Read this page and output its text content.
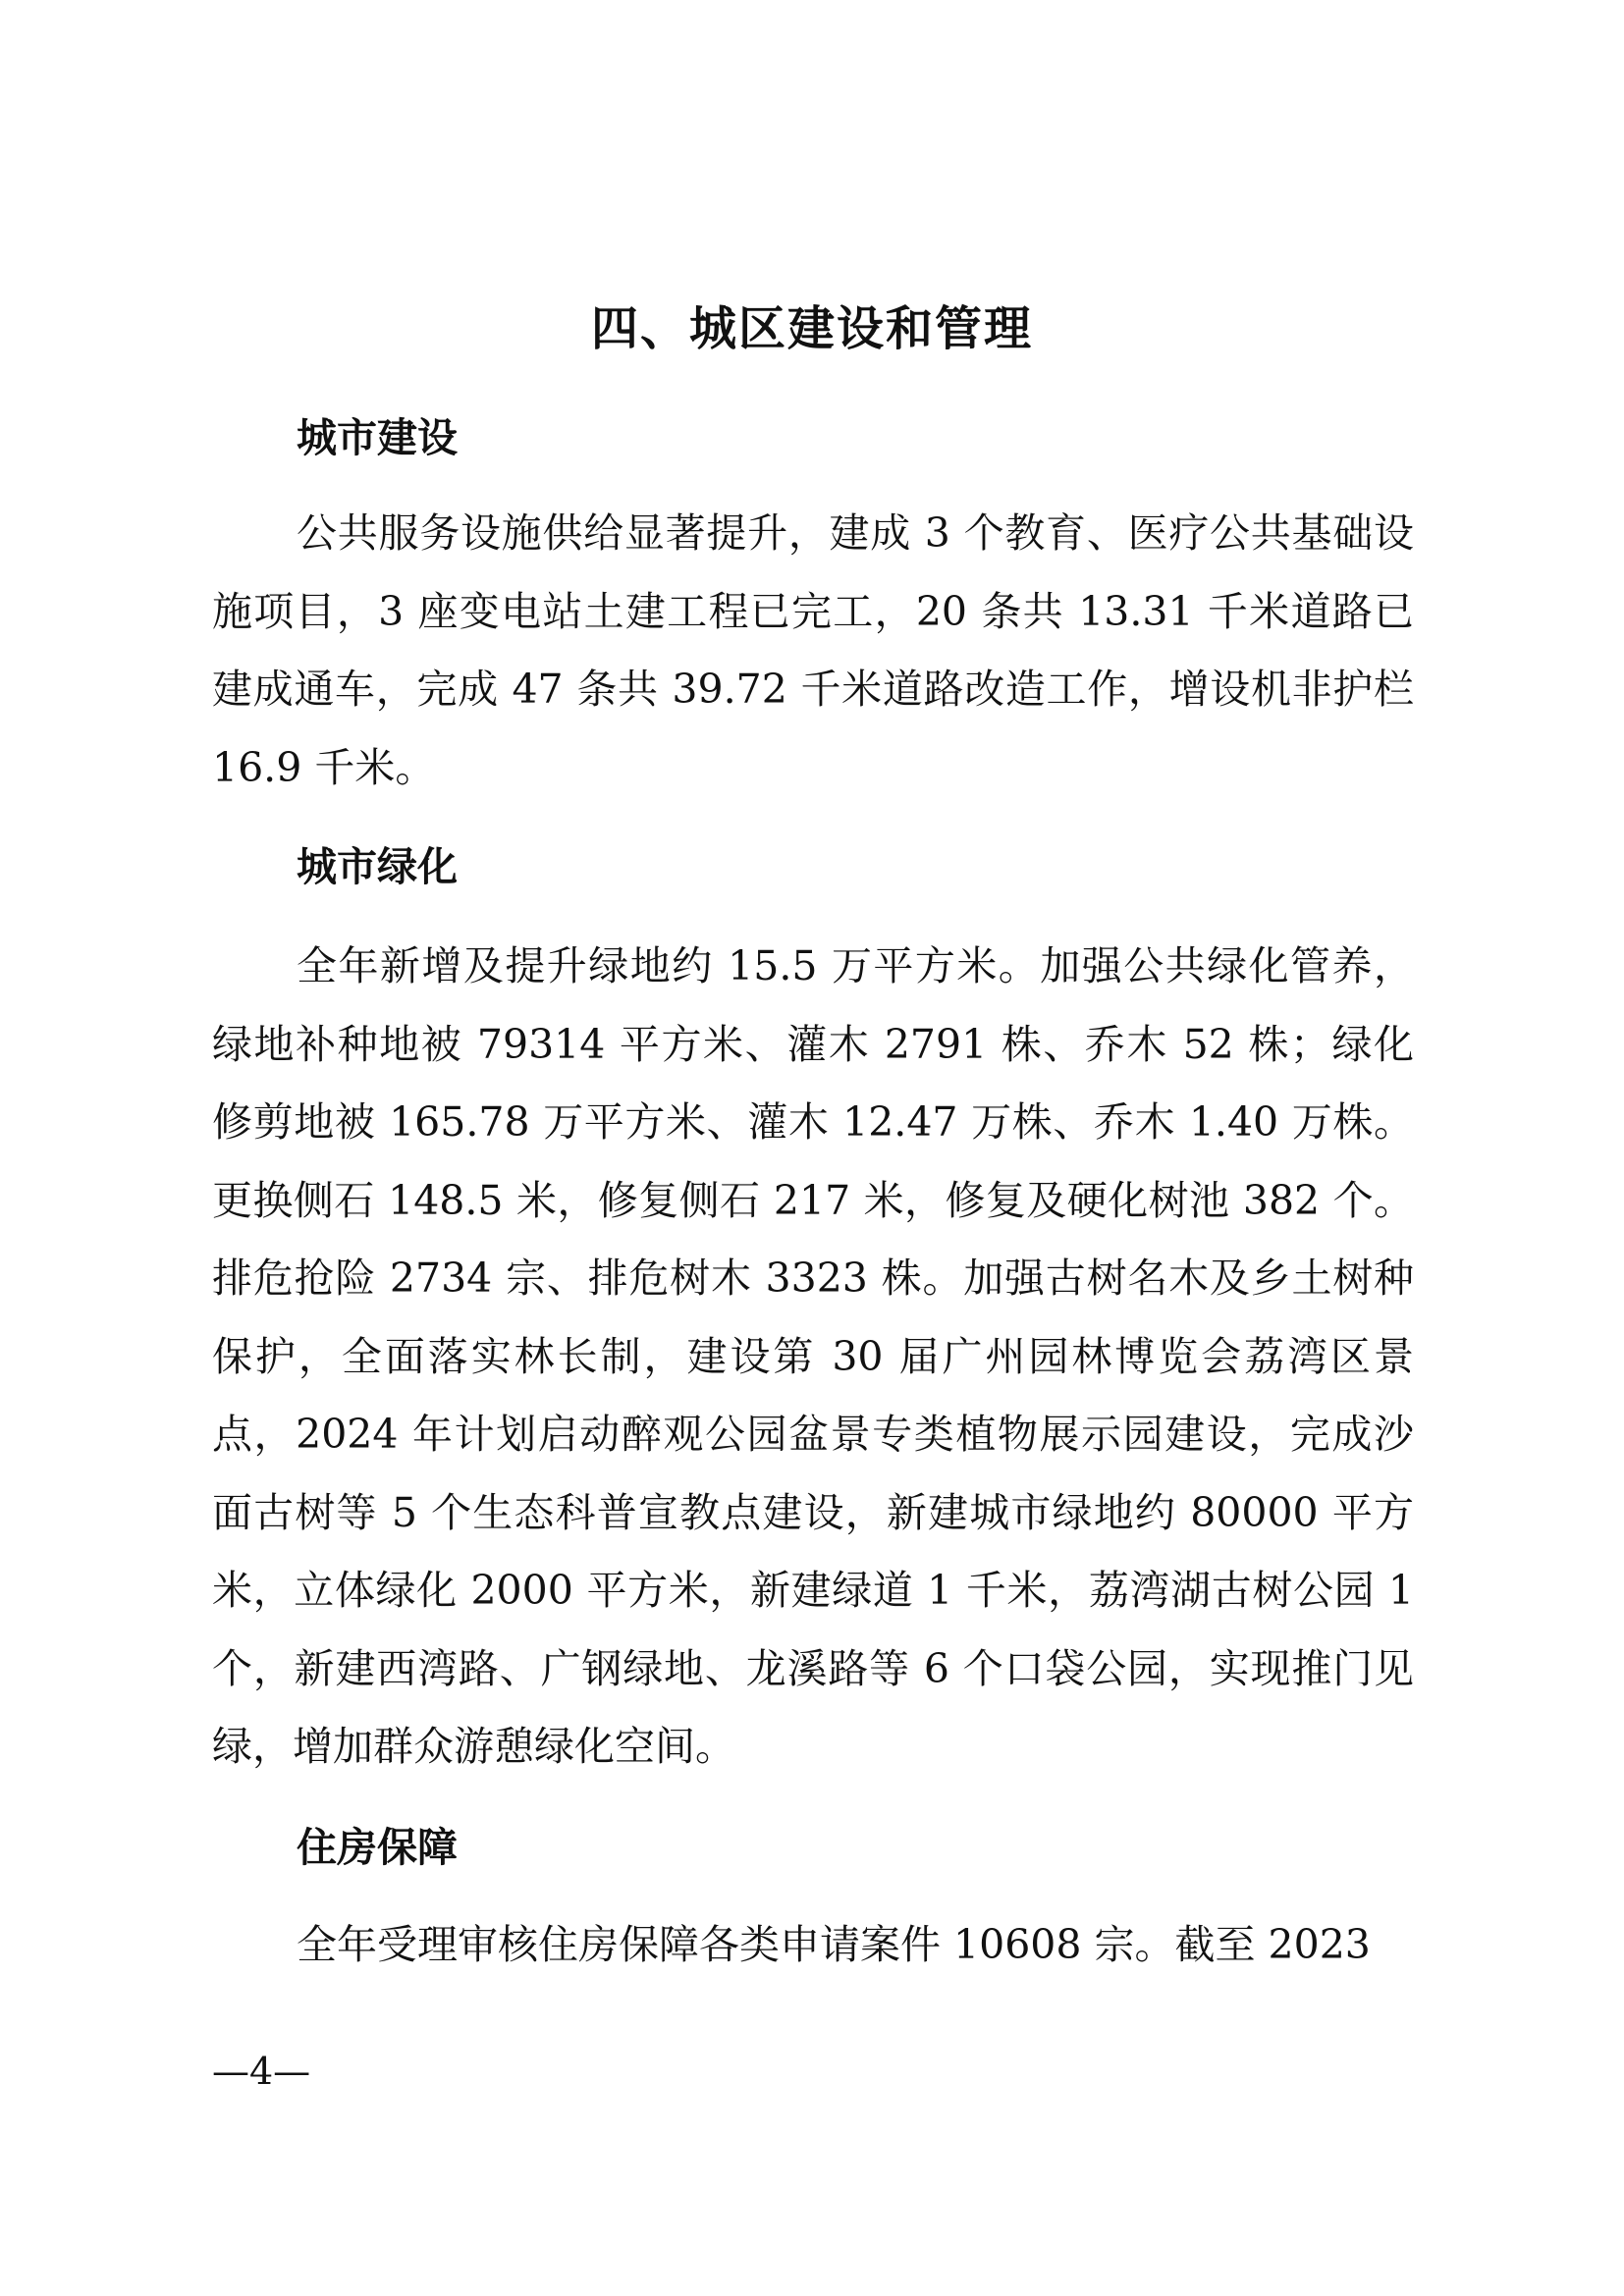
四、城区建设和管理
城市建设

公共服务设施供给显著提升，建成 3 个教育、医疗公共基础设施项目，3 座变电站土建工程已完工，20 条共 13.31 千米道路已建成通车，完成 47 条共 39.72 千米道路改造工作，增设机非护栏 16.9 千米。

城市绿化

全年新增及提升绿地约 15.5 万平方米。加强公共绿化管养，绿地补种地被 79314 平方米、灌木 2791 株、乔木 52 株；绿化修剪地被 165.78 万平方米、灌木 12.47 万株、乔木 1.40 万株。更换侧石 148.5 米，修复侧石 217 米，修复及硬化树池 382 个。排危抢险 2734 宗、排危树木 3323 株。加强古树名木及乡土树种保护，全面落实林长制，建设第 30 届广州园林博览会荔湾区景点，2024 年计划启动醉观公园盆景专类植物展示园建设，完成沙面古树等 5 个生态科普宣教点建设，新建城市绿地约 80000 平方米，立体绿化 2000 平方米，新建绿道 1 千米，荔湾湖古树公园 1 个，新建西湾路、广钢绿地、龙溪路等 6 个口袋公园，实现推门见绿，增加群众游憩绿化空间。

住房保障

全年受理审核住房保障各类申请案件 10608 宗。截至 2023

—4—
